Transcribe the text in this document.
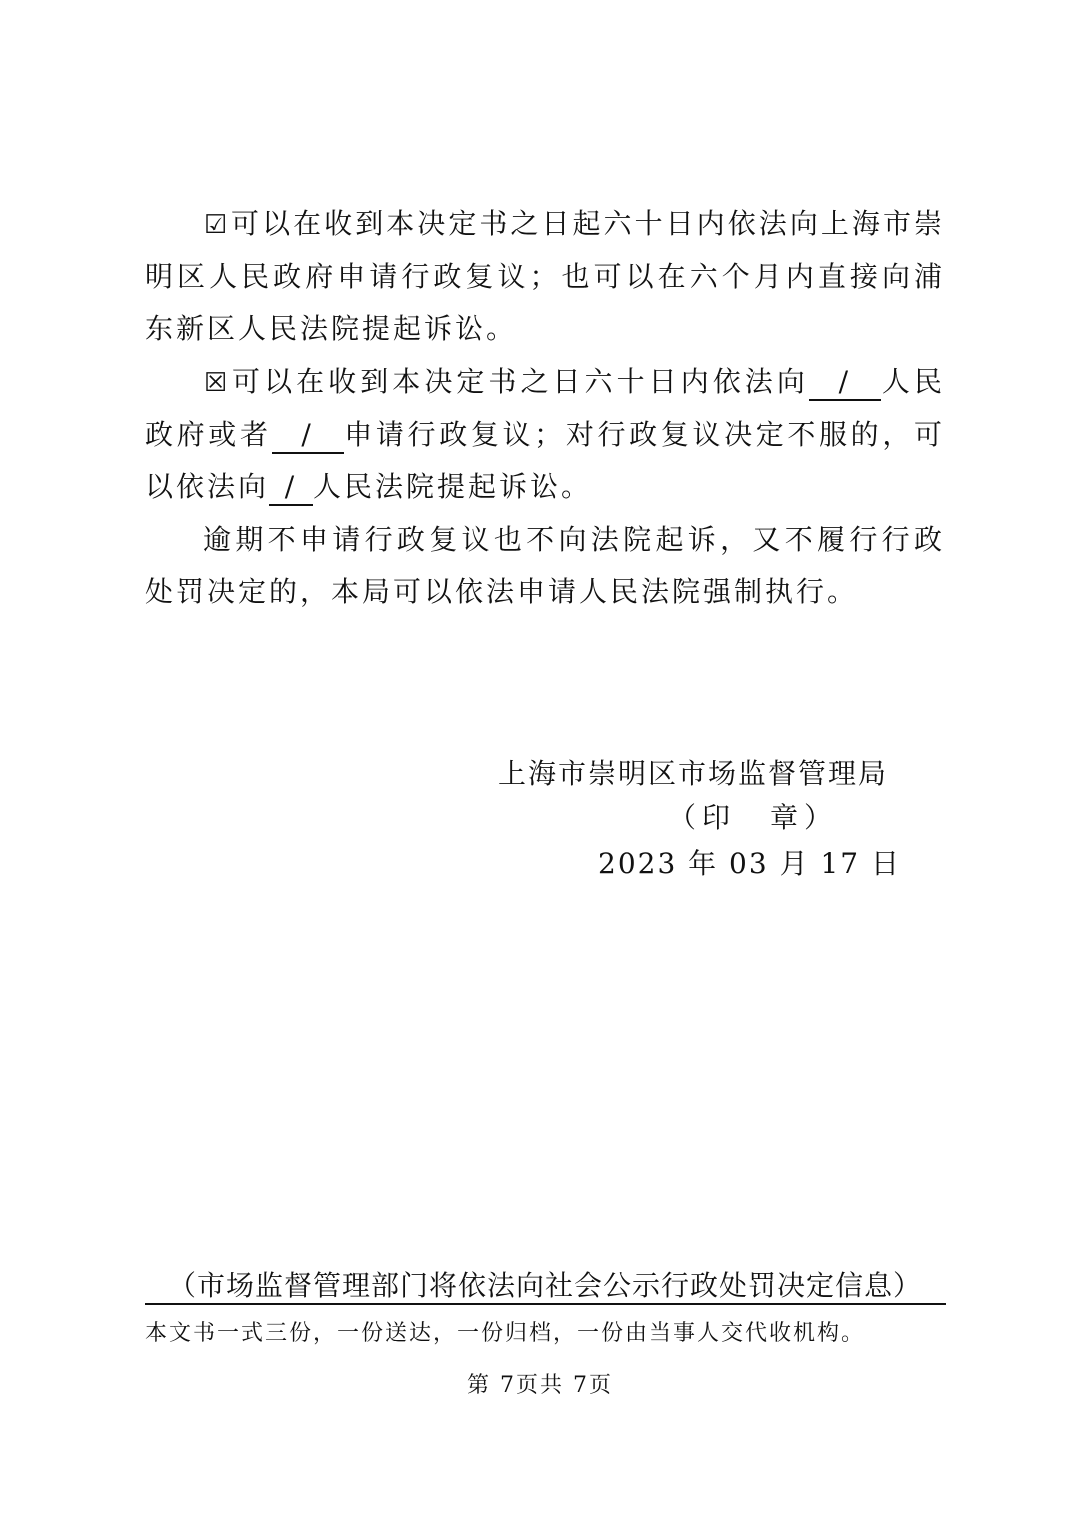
☑可以在收到本决定书之日起六十日内依法向上海市崇明区人民政府申请行政复议；也可以在六个月内直接向浦东新区人民法院提起诉讼。

☒可以在收到本决定书之日六十日内依法向 / 人民政府或者 / 申请行政复议；对行政复议决定不服的，可以依法向 / 人民法院提起诉讼。

逾期不申请行政复议也不向法院起诉，又不履行行政处罚决定的，本局可以依法申请人民法院强制执行。

上海市崇明区市场监督管理局
（印　章）
2023 年 03 月 17 日
（市场监督管理部门将依法向社会公示行政处罚决定信息）
本文书一式三份，一份送达，一份归档，一份由当事人交代收机构。
第 7页共 7页
